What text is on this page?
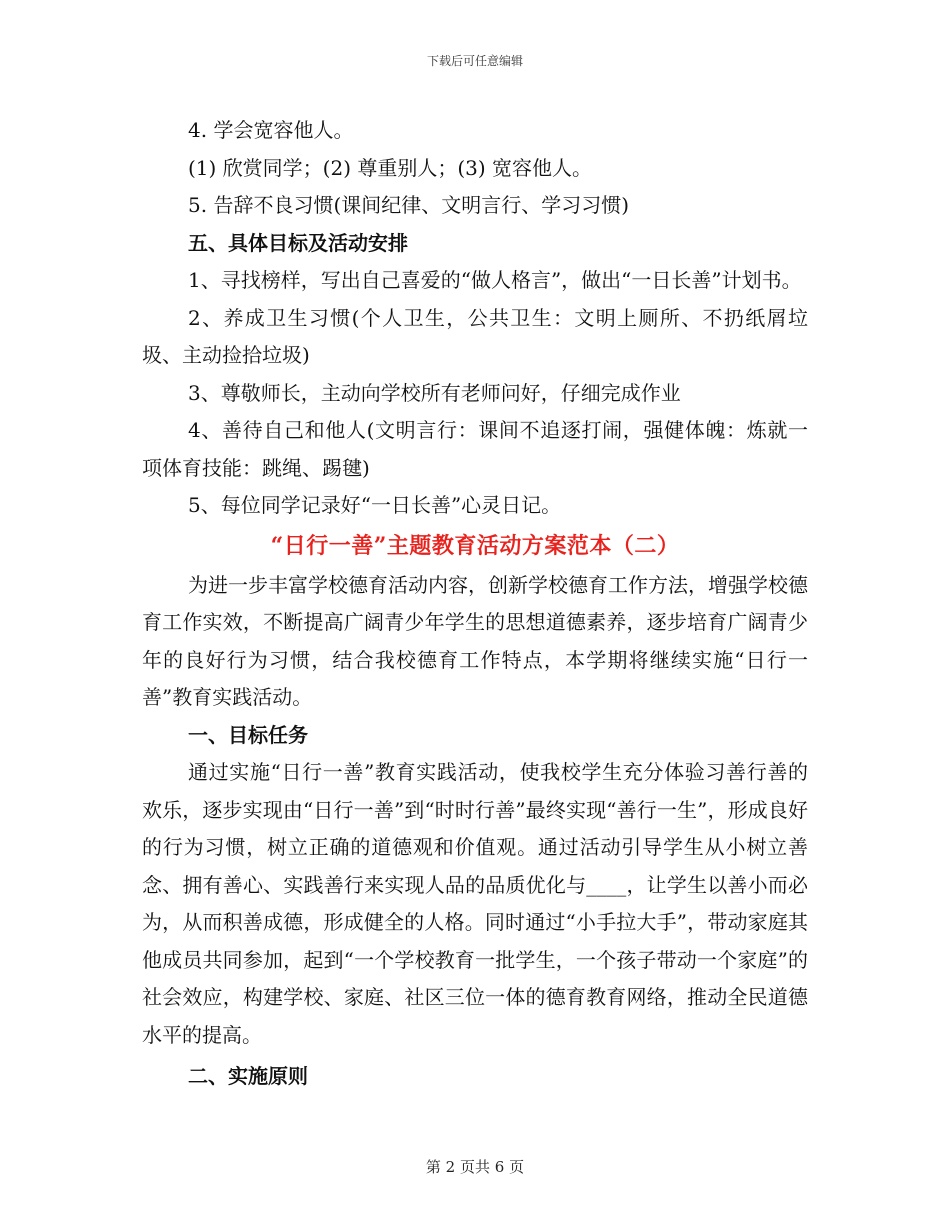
下载后可任意编辑
4. 学会宽容他人。
(1) 欣赏同学；(2) 尊重别人；(3) 宽容他人。
5. 告辞不良习惯(课间纪律、文明言行、学习习惯)
五、具体目标及活动安排
1、寻找榜样，写出自己喜爱的“做人格言”，做出“一日长善”计划书。
2、养成卫生习惯(个人卫生，公共卫生：文明上厕所、不扔纸屑垃圾、主动捡拾垃圾)
3、尊敬师长，主动向学校所有老师问好，仔细完成作业
4、善待自己和他人(文明言行：课间不追逐打闹，强健体魄：炼就一项体育技能：跳绳、踢毽)
5、每位同学记录好“一日长善”心灵日记。
“日行一善”主题教育活动方案范本（二）
为进一步丰富学校德育活动内容，创新学校德育工作方法，增强学校德育工作实效，不断提高广阔青少年学生的思想道德素养，逐步培育广阔青少年的良好行为习惯，结合我校德育工作特点，本学期将继续实施“日行一善”教育实践活动。
一、目标任务
通过实施“日行一善”教育实践活动，使我校学生充分体验习善行善的欢乐，逐步实现由“日行一善”到“时时行善”最终实现“善行一生”，形成良好的行为习惯，树立正确的道德观和价值观。通过活动引导学生从小树立善念、拥有善心、实践善行来实现人品的品质优化与____，让学生以善小而必为，从而积善成德，形成健全的人格。同时通过“小手拉大手”，带动家庭其他成员共同参加，起到“一个学校教育一批学生，一个孩子带动一个家庭”的社会效应，构建学校、家庭、社区三位一体的德育教育网络，推动全民道德水平的提高。
二、实施原则
第 2 页共 6 页
